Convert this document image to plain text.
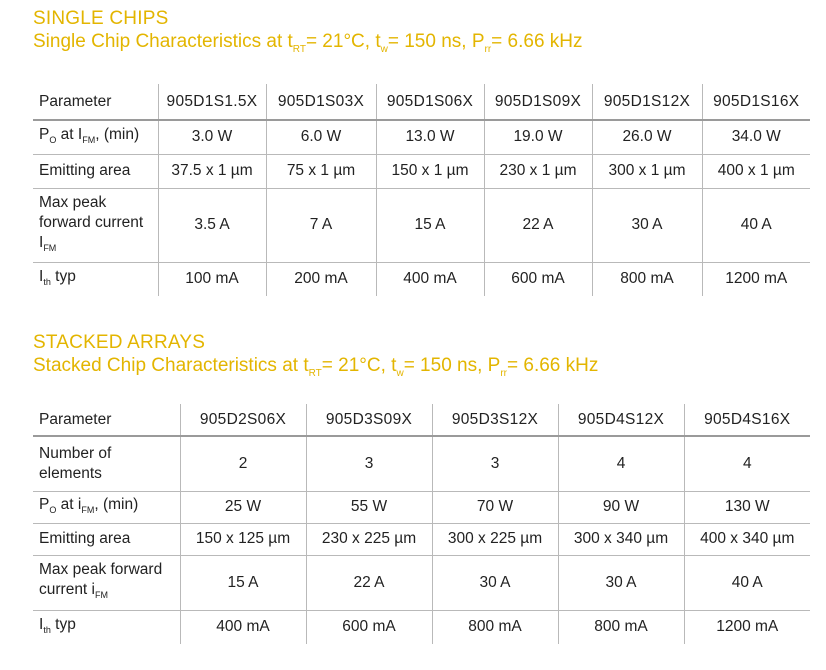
SINGLE CHIPS
Single Chip Characteristics at $t_{RT}= 21^\circ C$, $t_w= 150$ ns, $P_{rr}= 6.66$ kHz
Parameter	905D1S1.5X	905D1S03X	905D1S06X	905D1S09X	905D1S12X	905D1S16X
$P_O$ at $I_{FM}$, (min)	3.0 W	6.0 W	13.0 W	19.0 W	26.0 W	34.0 W
Emitting area	37.5 x 1 µm	75 x 1 µm	150 x 1 µm	230 x 1 µm	300 x 1 µm	400 x 1 µm

Max peak
forward current
$I_{FM}$	3.5 A	7 A	15 A	22 A	30 A	40 A
$I_{th}$ typ	100 mA	200 mA	400 mA	600 mA	800 mA	1200 mA
STACKED ARRAYS
Stacked Chip Characteristics at $t_{RT}= 21^\circ C$, $t_w= 150$ ns, $P_{rr}= 6.66$ kHz
Parameter	905D2S06X	905D3S09X	905D3S12X	905D4S12X	905D4S16X

Number of
elements	2	3	3	4	4
$P_O$ at $i_{FM}$, (min)	25 W	55 W	70 W	90 W	130 W
Emitting area	150 x 125 µm	230 x 225 µm	300 x 225 µm	300 x 340 µm	400 x 340 µm

Max peak forward
current $i_{FM}$	15 A	22 A	30 A	30 A	40 A
$I_{th}$ typ	400 mA	600 mA	800 mA	800 mA	1200 mA
